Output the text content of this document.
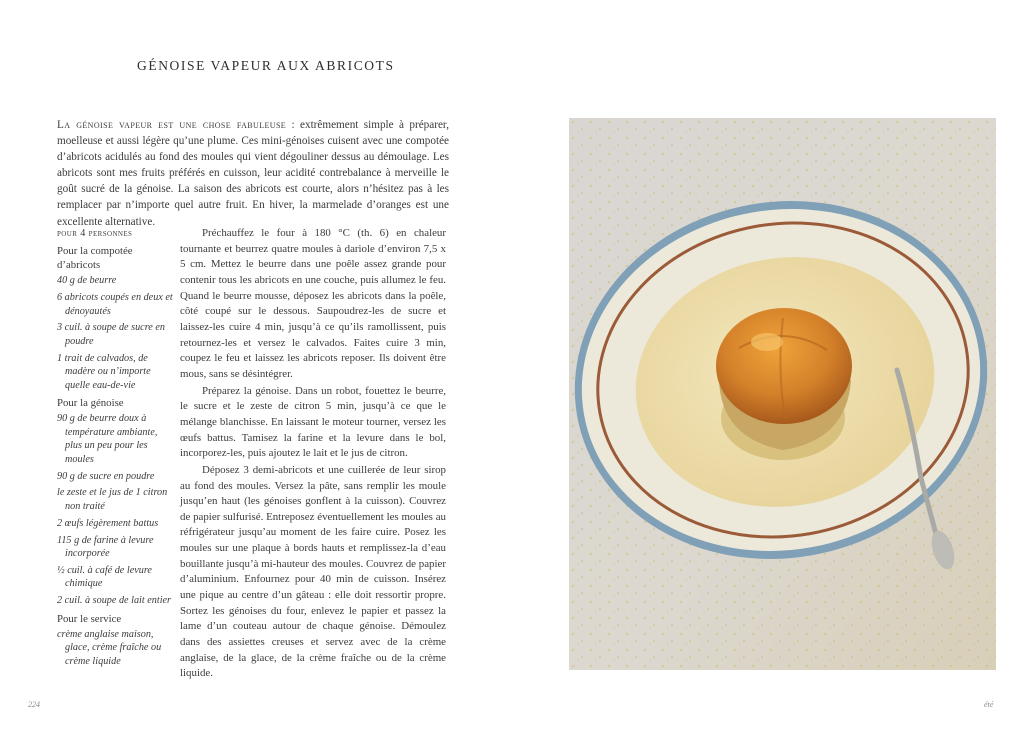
GÉNOISE VAPEUR AUX ABRICOTS
La génoise vapeur est une chose fabuleuse : extrêmement simple à préparer, moelleuse et aussi légère qu’une plume. Ces mini-génoises cuisent avec une compotée d’abricots acidulés au fond des moules qui vient dégouliner dessus au démoulage. Les abricots sont mes fruits préférés en cuisson, leur acidité contrebalance à merveille le goût sucré de la génoise. La saison des abricots est courte, alors n’hésitez pas à les remplacer par n’importe quel autre fruit. En hiver, la marmelade d’oranges est une excellente alternative.
pour 4 personnes
Pour la compotée d’abricots
40 g de beurre
6 abricots coupés en deux et dénoyautés
3 cuil. à soupe de sucre en poudre
1 trait de calvados, de madère ou n’importe quelle eau-de-vie
Pour la génoise
90 g de beurre doux à température ambiante, plus un peu pour les moules
90 g de sucre en poudre
le zeste et le jus de 1 citron non traité
2 œufs légèrement battus
115 g de farine à levure incorporée
½ cuil. à café de levure chimique
2 cuil. à soupe de lait entier
Pour le service
crème anglaise maison, glace, crème fraîche ou crème liquide

Préchauffez le four à 180 °C (th. 6) en chaleur tournante et beurrez quatre moules à dariole d’environ 7,5 x 5 cm. Mettez le beurre dans une poêle assez grande pour contenir tous les abricots en une couche, puis allumez le feu. Quand le beurre mousse, déposez les abricots dans la poêle, côté coupé sur le dessous. Saupoudrez-les de sucre et laissez-les cuire 4 min, jusqu’à ce qu’ils ramollissent, puis retournez-les et versez le calvados. Faites cuire 3 min, coupez le feu et laissez les abricots reposer. Ils doivent être mous, sans se désintégrer.

Préparez la génoise. Dans un robot, fouettez le beurre, le sucre et le zeste de citron 5 min, jusqu’à ce que le mélange blanchisse. En laissant le moteur tourner, versez les œufs battus. Tamisez la farine et la levure dans le bol, incorporez-les, puis ajoutez le lait et le jus de citron.

Déposez 3 demi-abricots et une cuillerée de leur sirop au fond des moules. Versez la pâte, sans remplir les moule jusqu’en haut (les génoises gonflent à la cuisson). Couvrez de papier sulfurisé. Entreposez éventuellement les moules au réfrigérateur jusqu’au moment de les faire cuire. Posez les moules sur une plaque à bords hauts et remplissez-la d’eau bouillante jusqu’à mi-hauteur des moules. Couvrez de papier d’aluminium. Enfournez pour 40 min de cuisson. Insérez une pique au centre d’un gâteau : elle doit ressortir propre. Sortez les génoises du four, enlevez le papier et passez la lame d’un couteau autour de chaque génoise. Démoulez dans des assiettes creuses et servez avec de la crème anglaise, de la glace, de la crème fraîche ou de la crème liquide.

224	été
